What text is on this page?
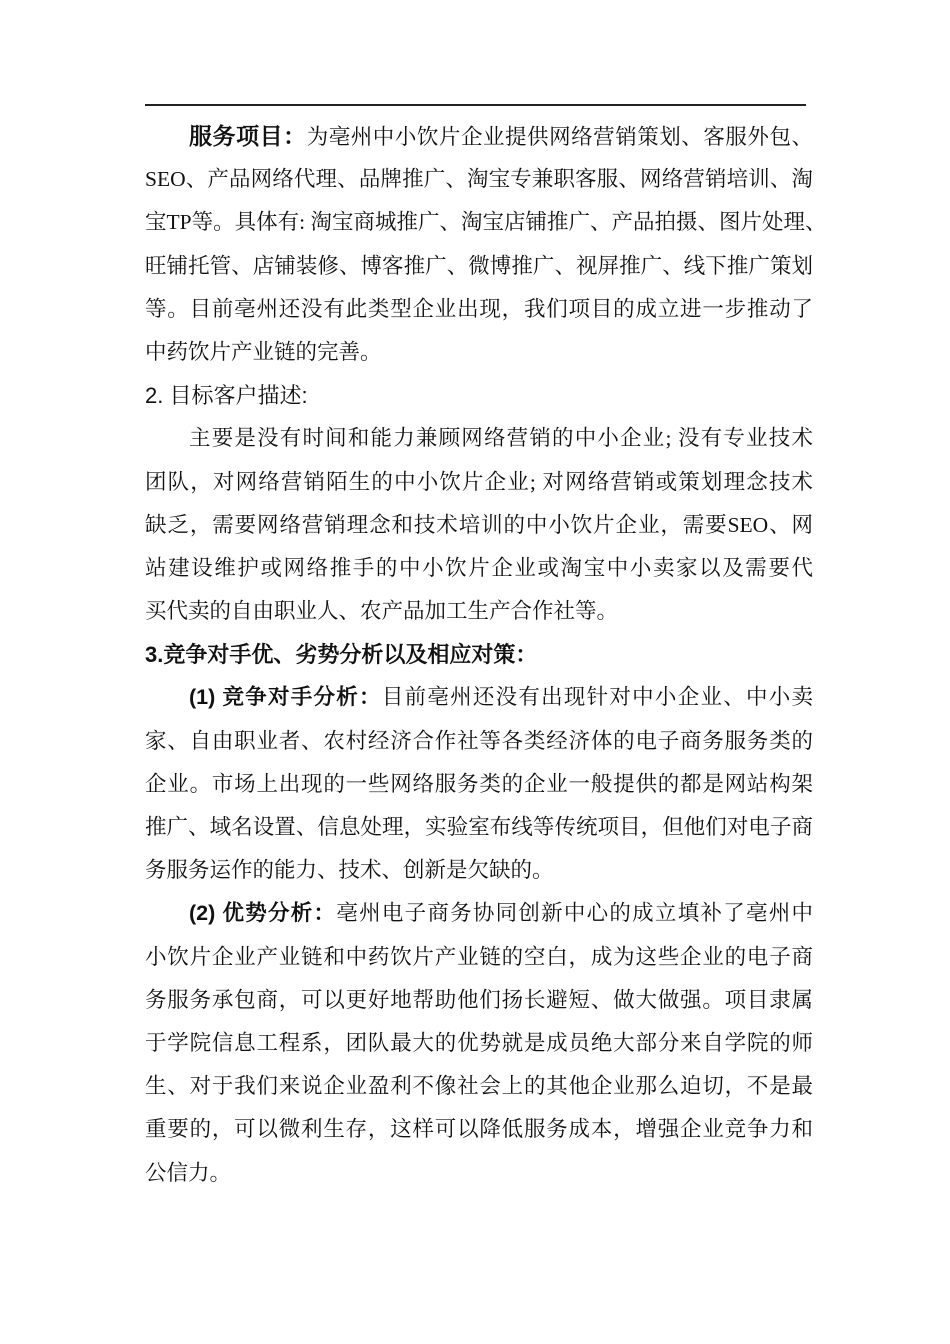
服务项目：为亳州中小饮片企业提供网络营销策划、客服外包、
SEO、产品网络代理、品牌推广、淘宝专兼职客服、网络营销培训、淘
宝TP等。具体有: 淘宝商城推广、淘宝店铺推广、产品拍摄、图片处理、
旺铺托管、店铺装修、博客推广、微博推广、视屏推广、线下推广策划
等。目前亳州还没有此类型企业出现，我们项目的成立进一步推动了
中药饮片产业链的完善。
2. 目标客户描述:
主要是没有时间和能力兼顾网络营销的中小企业; 没有专业技术
团队，对网络营销陌生的中小饮片企业; 对网络营销或策划理念技术
缺乏，需要网络营销理念和技术培训的中小饮片企业，需要SEO、网
站建设维护或网络推手的中小饮片企业或淘宝中小卖家以及需要代
买代卖的自由职业人、农产品加工生产合作社等。
3.竞争对手优、劣势分析以及相应对策：
(1) 竞争对手分析：目前亳州还没有出现针对中小企业、中小卖
家、自由职业者、农村经济合作社等各类经济体的电子商务服务类的
企业。市场上出现的一些网络服务类的企业一般提供的都是网站构架
推广、域名设置、信息处理，实验室布线等传统项目，但他们对电子商
务服务运作的能力、技术、创新是欠缺的。
(2) 优势分析：亳州电子商务协同创新中心的成立填补了亳州中
小饮片企业产业链和中药饮片产业链的空白，成为这些企业的电子商
务服务承包商，可以更好地帮助他们扬长避短、做大做强。项目隶属
于学院信息工程系，团队最大的优势就是成员绝大部分来自学院的师
生、对于我们来说企业盈利不像社会上的其他企业那么迫切，不是最
重要的，可以微利生存，这样可以降低服务成本，增强企业竞争力和
公信力。
